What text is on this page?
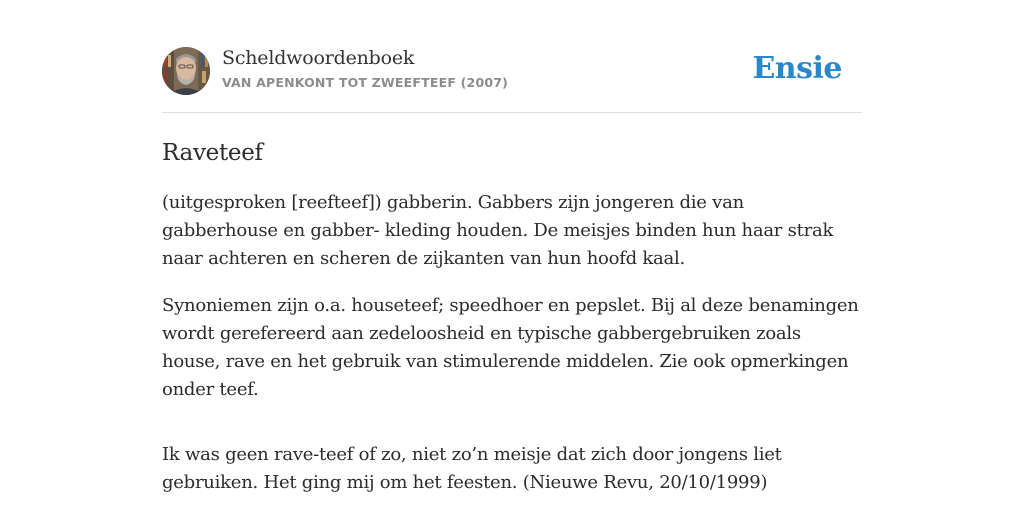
Scheldwoordenboek
VAN APENKONT TOT ZWEEFTEEF (2007)	Ensie
Raveteef

(uitgesproken [reefteef]) gabberin. Gabbers zijn jongeren die van gabberhouse en gabber- kleding houden. De meisjes binden hun haar strak naar achteren en scheren de zijkanten van hun hoofd kaal.

Synoniemen zijn o.a. houseteef; speedhoer en pepslet. Bij al deze benamingen wordt gerefereerd aan zedeloosheid en typische gabbergebruiken zoals house, rave en het gebruik van stimulerende middelen. Zie ook opmerkingen onder teef.

Ik was geen rave-teef of zo, niet zo’n meisje dat zich door jongens liet gebruiken. Het ging mij om het feesten. (Nieuwe Revu, 20/10/1999)
